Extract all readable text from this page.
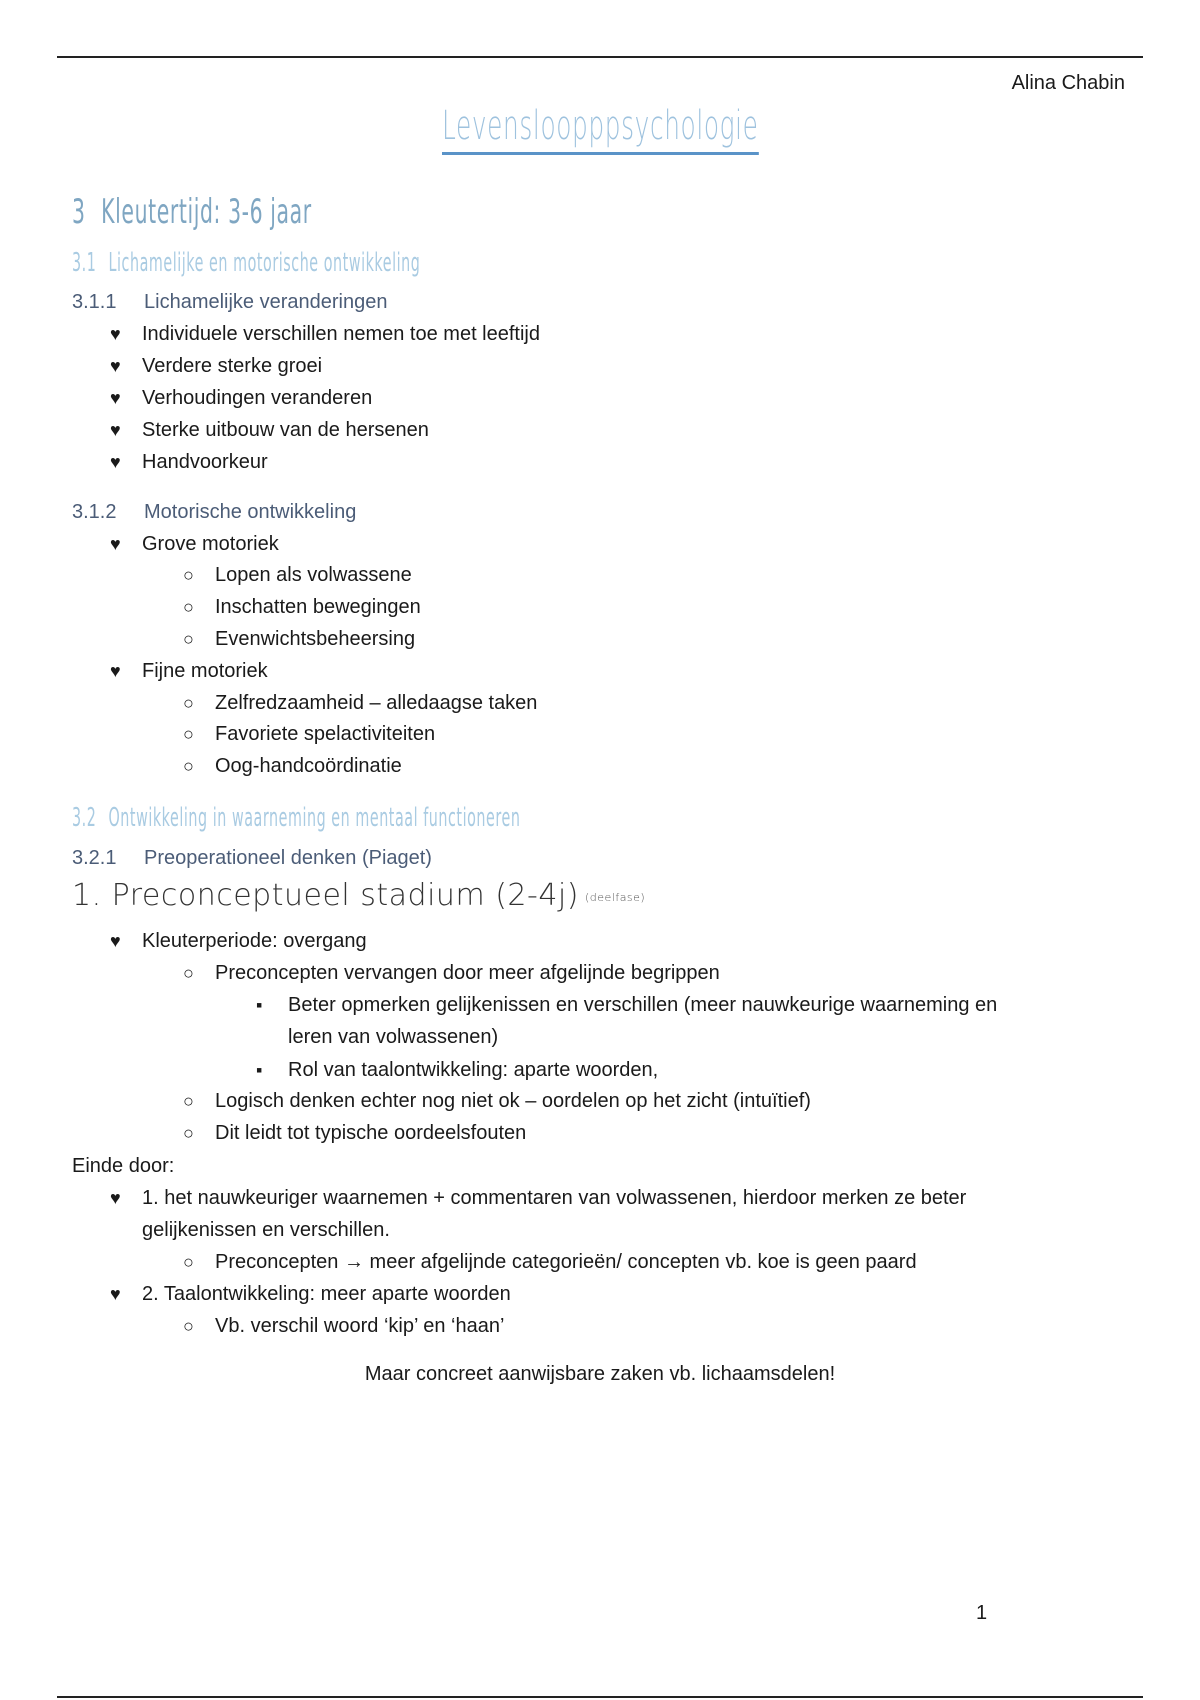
Alina Chabin
Levensloopppsychologie
3 Kleutertijd: 3-6 jaar
3.1 Lichamelijke en motorische ontwikkeling
3.1.1 Lichamelijke veranderingen
♥ Individuele verschillen nemen toe met leeftijd
♥ Verdere sterke groei
♥ Verhoudingen veranderen
♥ Sterke uitbouw van de hersenen
♥ Handvoorkeur
3.1.2 Motorische ontwikkeling
♥ Grove motoriek
○ Lopen als volwassene
○ Inschatten bewegingen
○ Evenwichtsbeheersing
♥ Fijne motoriek
○ Zelfredzaamheid – alledaagse taken
○ Favoriete spelactiviteiten
○ Oog-handcoördinatie
3.2 Ontwikkeling in waarneming en mentaal functioneren
3.2.1 Preoperationeel denken (Piaget)
1. Preconceptueel stadium (2-4j) (deelfase)
♥ Kleuterperiode: overgang
○ Preconcepten vervangen door meer afgelijnde begrippen
▪ Beter opmerken gelijkenissen en verschillen (meer nauwkeurige waarneming en
leren van volwassenen)
▪ Rol van taalontwikkeling: aparte woorden,
○ Logisch denken echter nog niet ok – oordelen op het zicht (intuïtief)
○ Dit leidt tot typische oordeelsfouten
Einde door:
♥ 1. het nauwkeuriger waarnemen + commentaren van volwassenen, hierdoor merken ze beter
gelijkenissen en verschillen.
○ Preconcepten → meer afgelijnde categorieën/ concepten vb. koe is geen paard
♥ 2. Taalontwikkeling: meer aparte woorden
○ Vb. verschil woord ‘kip’ en ‘haan’
Maar concreet aanwijsbare zaken vb. lichaamsdelen!
1
